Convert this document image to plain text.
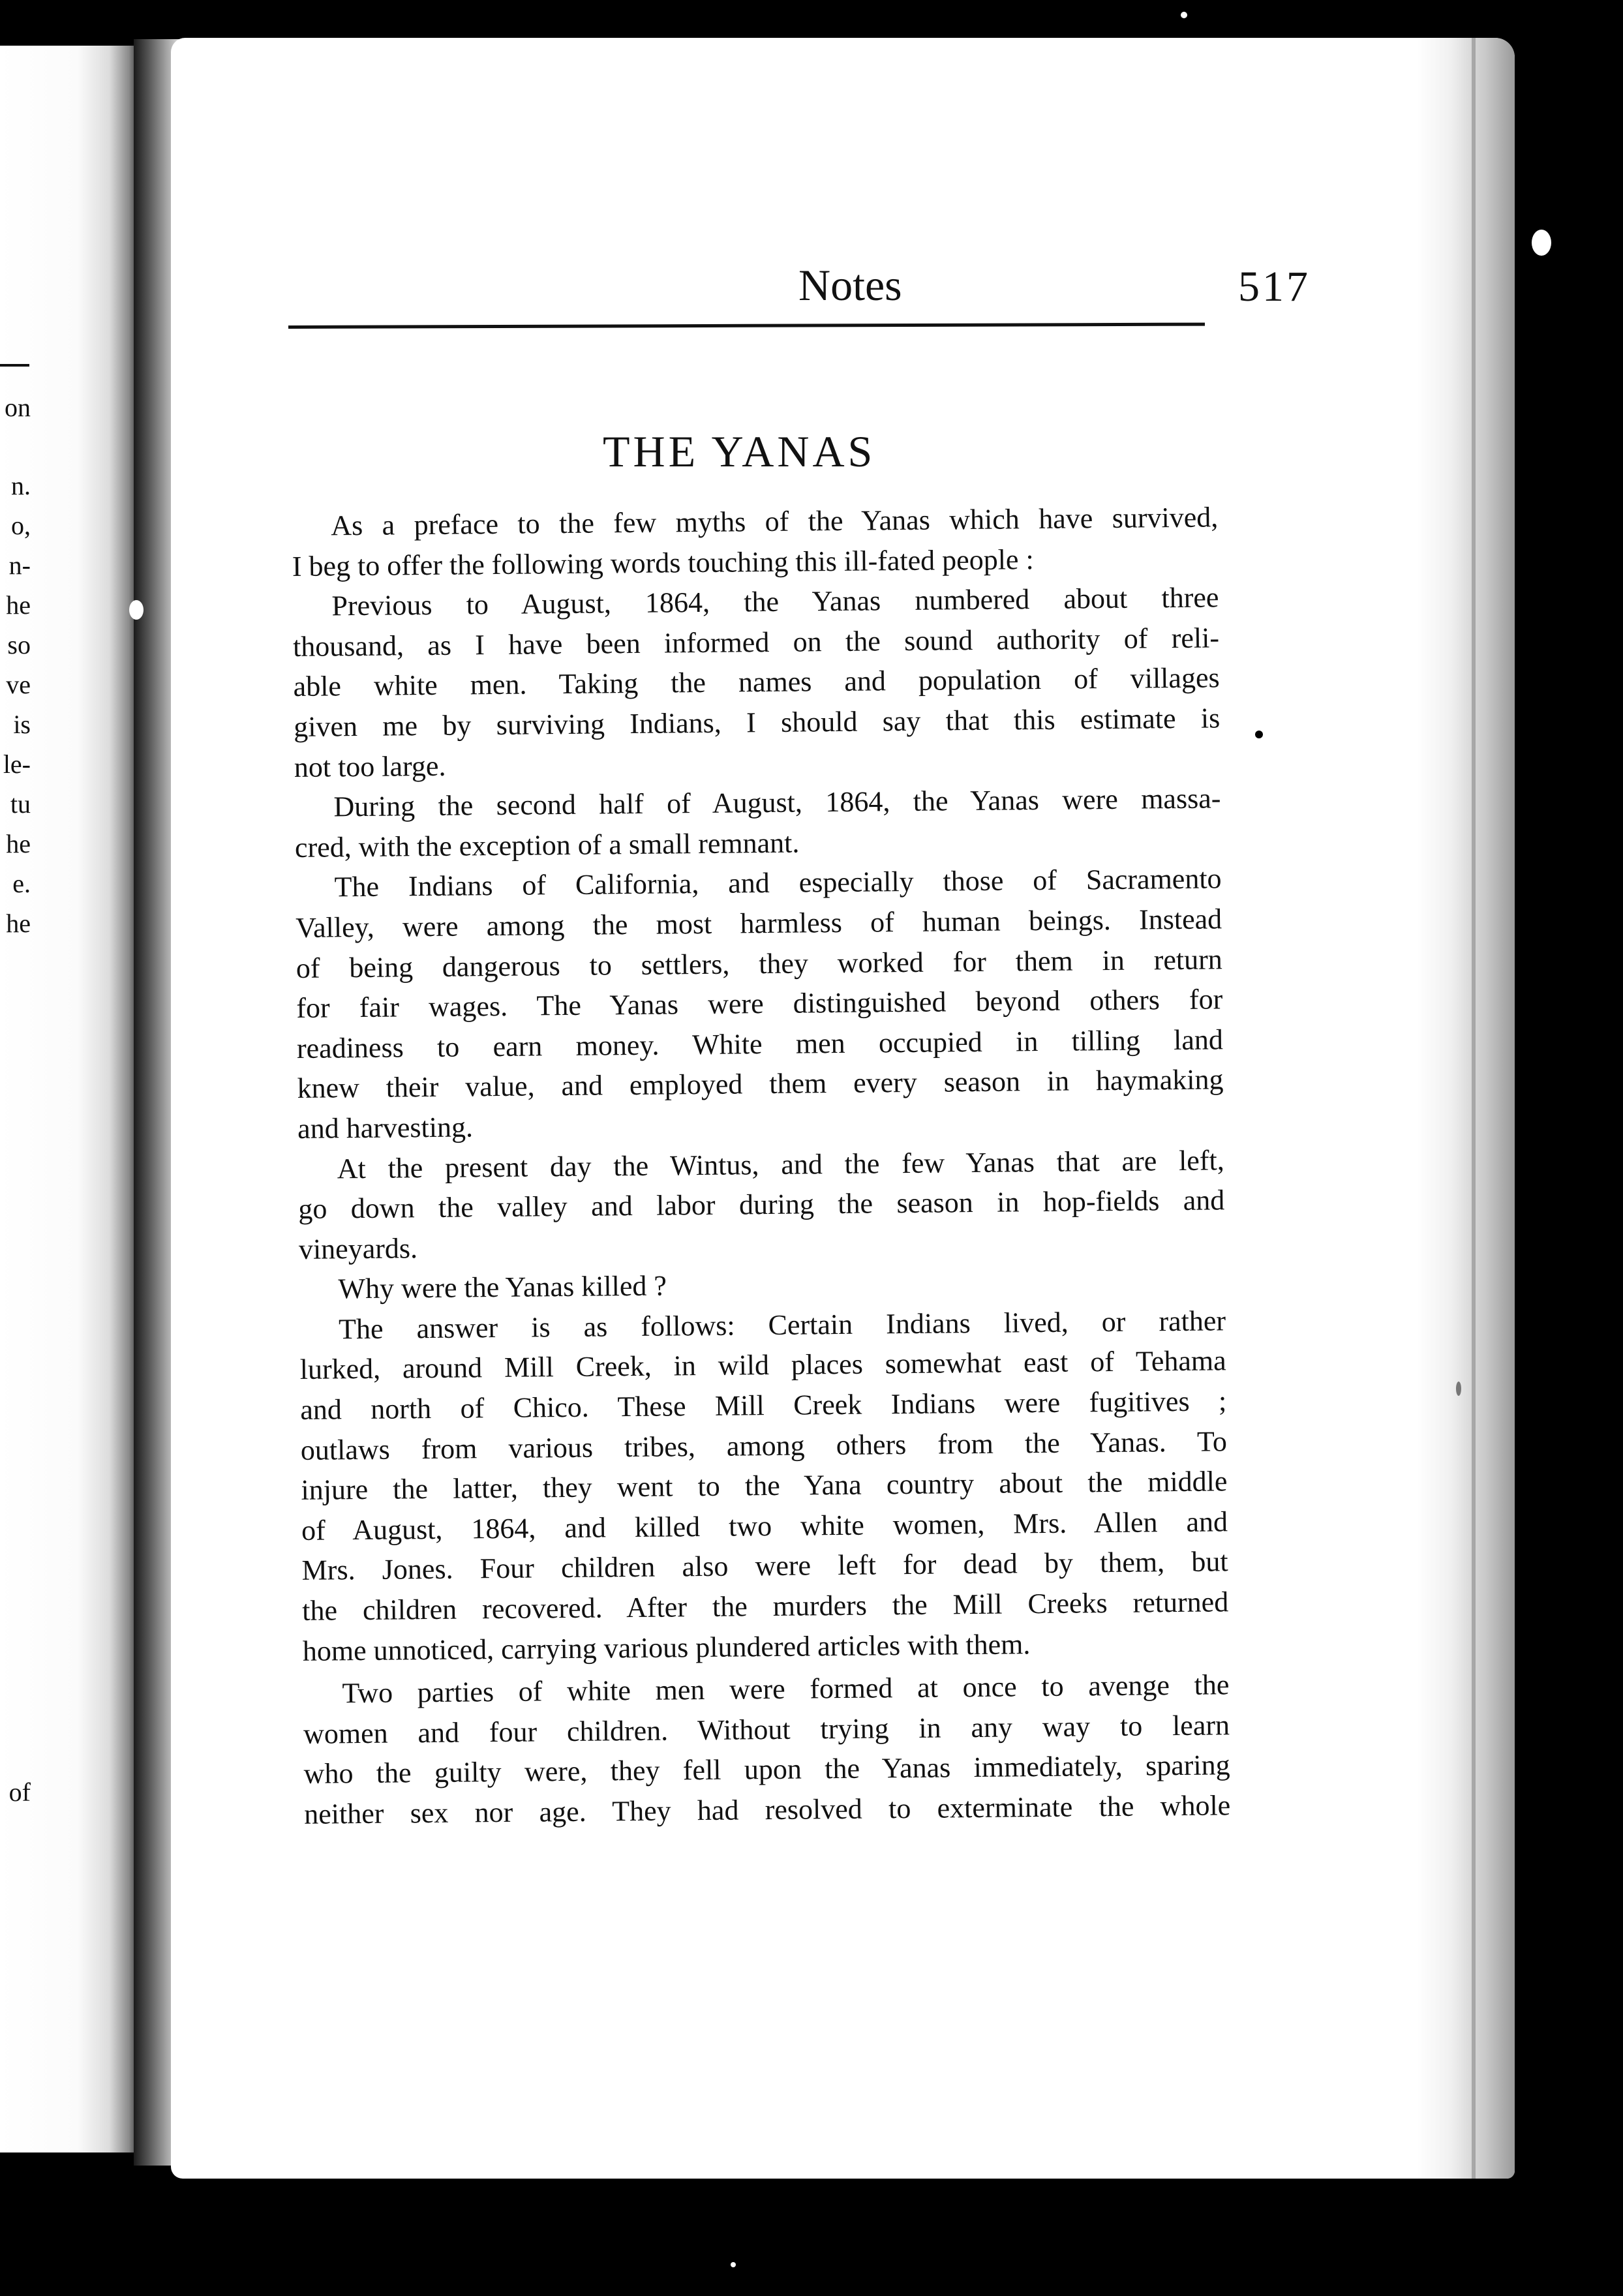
on
n.
o,
n-
he
so
ve
is
le-
tu
he
e.
he
of
Notes	517
THE YANAS
As a preface to the few myths of the Yanas which have survived,
I beg to offer the following words touching this ill-fated people :
Previous to August, 1864, the Yanas numbered about three
thousand, as I have been informed on the sound authority of reli-
able white men. Taking the names and population of villages
given me by surviving Indians, I should say that this estimate is
not too large.
During the second half of August, 1864, the Yanas were massa-
cred, with the exception of a small remnant.
The Indians of California, and especially those of Sacramento
Valley, were among the most harmless of human beings. Instead
of being dangerous to settlers, they worked for them in return
for fair wages. The Yanas were distinguished beyond others for
readiness to earn money. White men occupied in tilling land
knew their value, and employed them every season in haymaking
and harvesting.
At the present day the Wintus, and the few Yanas that are left,
go down the valley and labor during the season in hop-fields and
vineyards.
Why were the Yanas killed ?
The answer is as follows: Certain Indians lived, or rather
lurked, around Mill Creek, in wild places somewhat east of Tehama
and north of Chico. These Mill Creek Indians were fugitives ;
outlaws from various tribes, among others from the Yanas. To
injure the latter, they went to the Yana country about the middle
of August, 1864, and killed two white women, Mrs. Allen and
Mrs. Jones. Four children also were left for dead by them, but
the children recovered. After the murders the Mill Creeks returned
home unnoticed, carrying various plundered articles with them.
Two parties of white men were formed at once to avenge the
women and four children. Without trying in any way to learn
who the guilty were, they fell upon the Yanas immediately, sparing
neither sex nor age. They had resolved to exterminate the whole
